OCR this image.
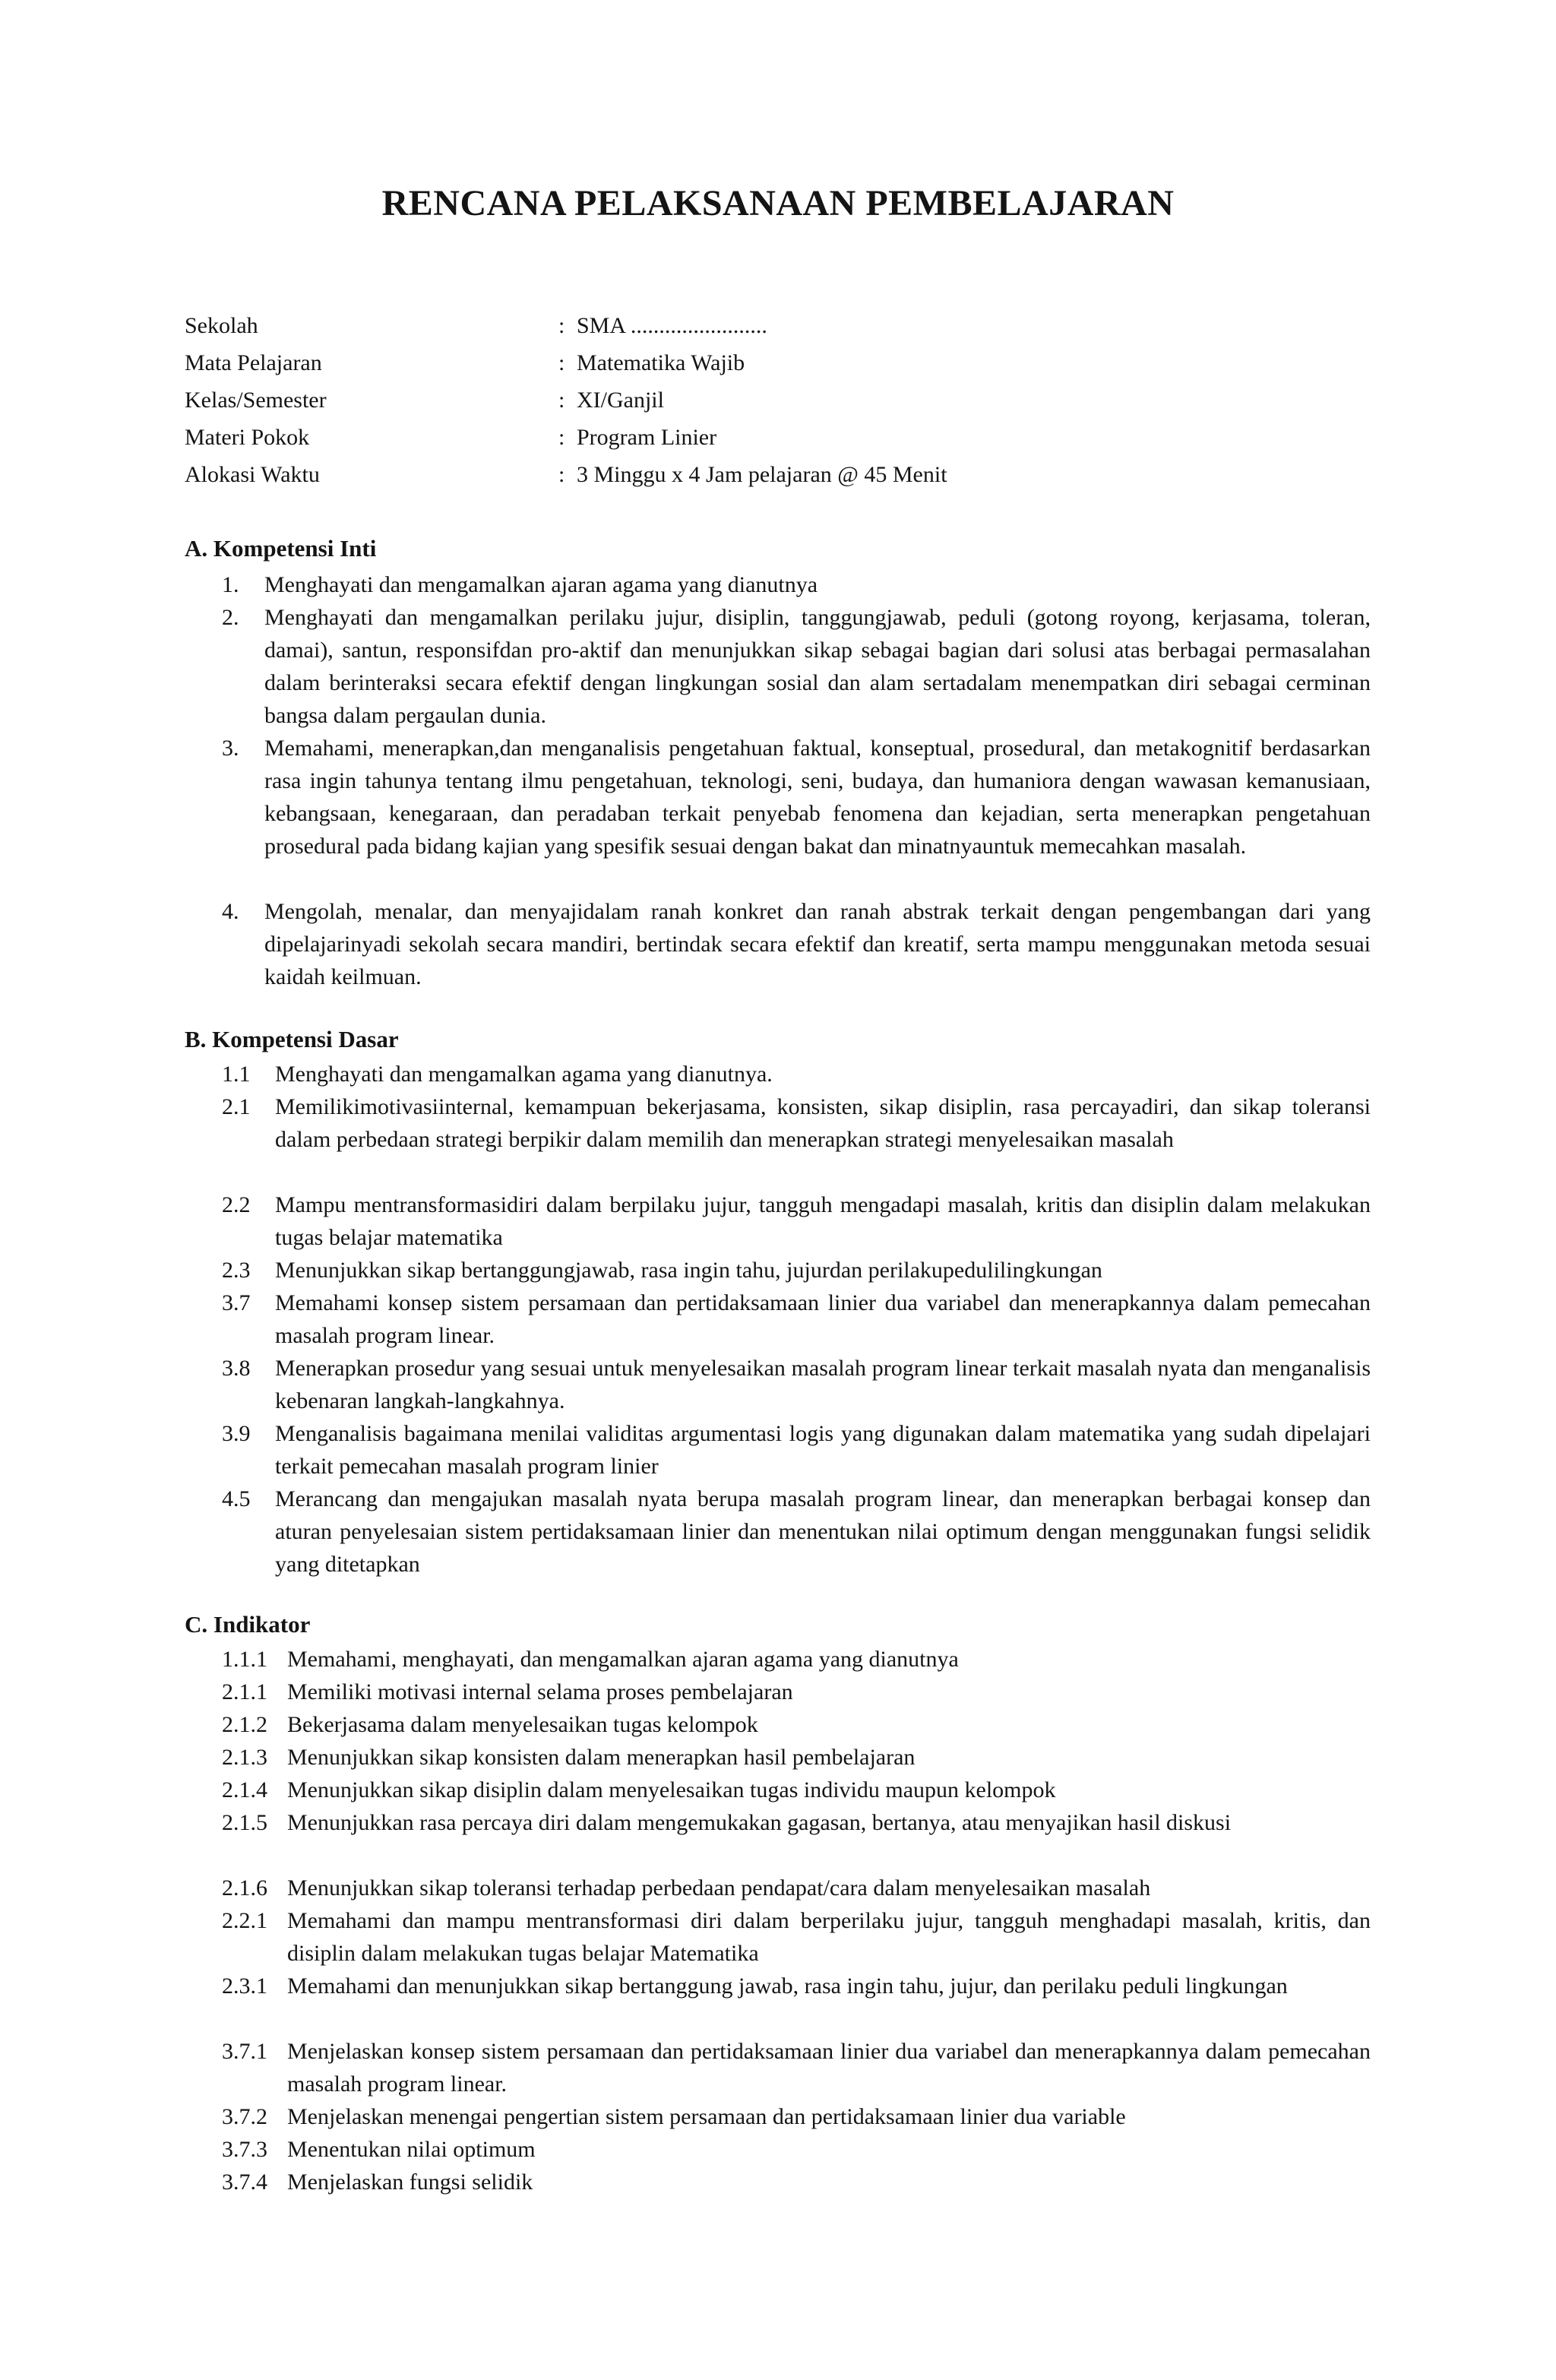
RENCANA PELAKSANAAN PEMBELAJARAN
Sekolah	: SMA ........................
Mata Pelajaran	: Matematika Wajib
Kelas/Semester	: XI/Ganjil
Materi Pokok	: Program Linier
Alokasi Waktu	: 3 Minggu x 4 Jam pelajaran @ 45 Menit
A. Kompetensi Inti
1. Menghayati dan mengamalkan ajaran agama yang dianutnya
2. Menghayati dan mengamalkan perilaku jujur, disiplin, tanggungjawab, peduli (gotong royong, kerjasama, toleran, damai), santun, responsifdan pro-aktif dan menunjukkan sikap sebagai bagian dari solusi atas berbagai permasalahan dalam berinteraksi secara efektif dengan lingkungan sosial dan alam sertadalam menempatkan diri sebagai cerminan bangsa dalam pergaulan dunia.
3. Memahami, menerapkan,dan menganalisis pengetahuan faktual, konseptual, prosedural, dan metakognitif berdasarkan rasa ingin tahunya tentang ilmu pengetahuan, teknologi, seni, budaya, dan humaniora dengan wawasan kemanusiaan, kebangsaan, kenegaraan, dan peradaban terkait penyebab fenomena dan kejadian, serta menerapkan pengetahuan prosedural pada bidang kajian yang spesifik sesuai dengan bakat dan minatnyauntuk memecahkan masalah.
4. Mengolah, menalar, dan menyajidalam ranah konkret dan ranah abstrak terkait dengan pengembangan dari yang dipelajarinyadi sekolah secara mandiri, bertindak secara efektif dan kreatif, serta mampu menggunakan metoda sesuai kaidah keilmuan.
B. Kompetensi Dasar
1.1 Menghayati dan mengamalkan agama yang dianutnya.
2.1 Memilikimotivasiinternal, kemampuan bekerjasama, konsisten, sikap disiplin, rasa percayadiri, dan sikap toleransi dalam perbedaan strategi berpikir dalam memilih dan menerapkan strategi menyelesaikan masalah
2.2 Mampu mentransformasidiri dalam berpilaku jujur, tangguh mengadapi masalah, kritis dan disiplin dalam melakukan tugas belajar matematika
2.3 Menunjukkan sikap bertanggungjawab, rasa ingin tahu, jujurdan perilakupedulilingkungan
3.7 Memahami konsep sistem persamaan dan pertidaksamaan linier dua variabel dan menerapkannya dalam pemecahan masalah program linear.
3.8 Menerapkan prosedur yang sesuai untuk menyelesaikan masalah program linear terkait masalah nyata dan menganalisis kebenaran langkah-langkahnya.
3.9 Menganalisis bagaimana menilai validitas argumentasi logis yang digunakan dalam matematika yang sudah dipelajari terkait pemecahan masalah program linier
4.5 Merancang dan mengajukan masalah nyata berupa masalah program linear, dan menerapkan berbagai konsep dan aturan penyelesaian sistem pertidaksamaan linier dan menentukan nilai optimum dengan menggunakan fungsi selidik yang ditetapkan
C. Indikator
1.1.1 Memahami, menghayati, dan mengamalkan ajaran agama yang dianutnya
2.1.1 Memiliki motivasi internal selama proses pembelajaran
2.1.2 Bekerjasama dalam menyelesaikan tugas kelompok
2.1.3 Menunjukkan sikap konsisten dalam menerapkan hasil pembelajaran
2.1.4 Menunjukkan sikap disiplin dalam menyelesaikan tugas individu maupun kelompok
2.1.5 Menunjukkan rasa percaya diri dalam mengemukakan gagasan, bertanya, atau menyajikan hasil diskusi
2.1.6 Menunjukkan sikap toleransi terhadap perbedaan pendapat/cara dalam menyelesaikan masalah
2.2.1 Memahami dan mampu mentransformasi diri dalam berperilaku jujur, tangguh menghadapi masalah, kritis, dan disiplin dalam melakukan tugas belajar Matematika
2.3.1 Memahami dan menunjukkan sikap bertanggung jawab, rasa ingin tahu, jujur, dan perilaku peduli lingkungan
3.7.1 Menjelaskan konsep sistem persamaan dan pertidaksamaan linier dua variabel dan menerapkannya dalam pemecahan masalah program linear.
3.7.2 Menjelaskan menengai pengertian sistem persamaan dan pertidaksamaan linier dua variable
3.7.3 Menentukan nilai optimum
3.7.4 Menjelaskan fungsi selidik
